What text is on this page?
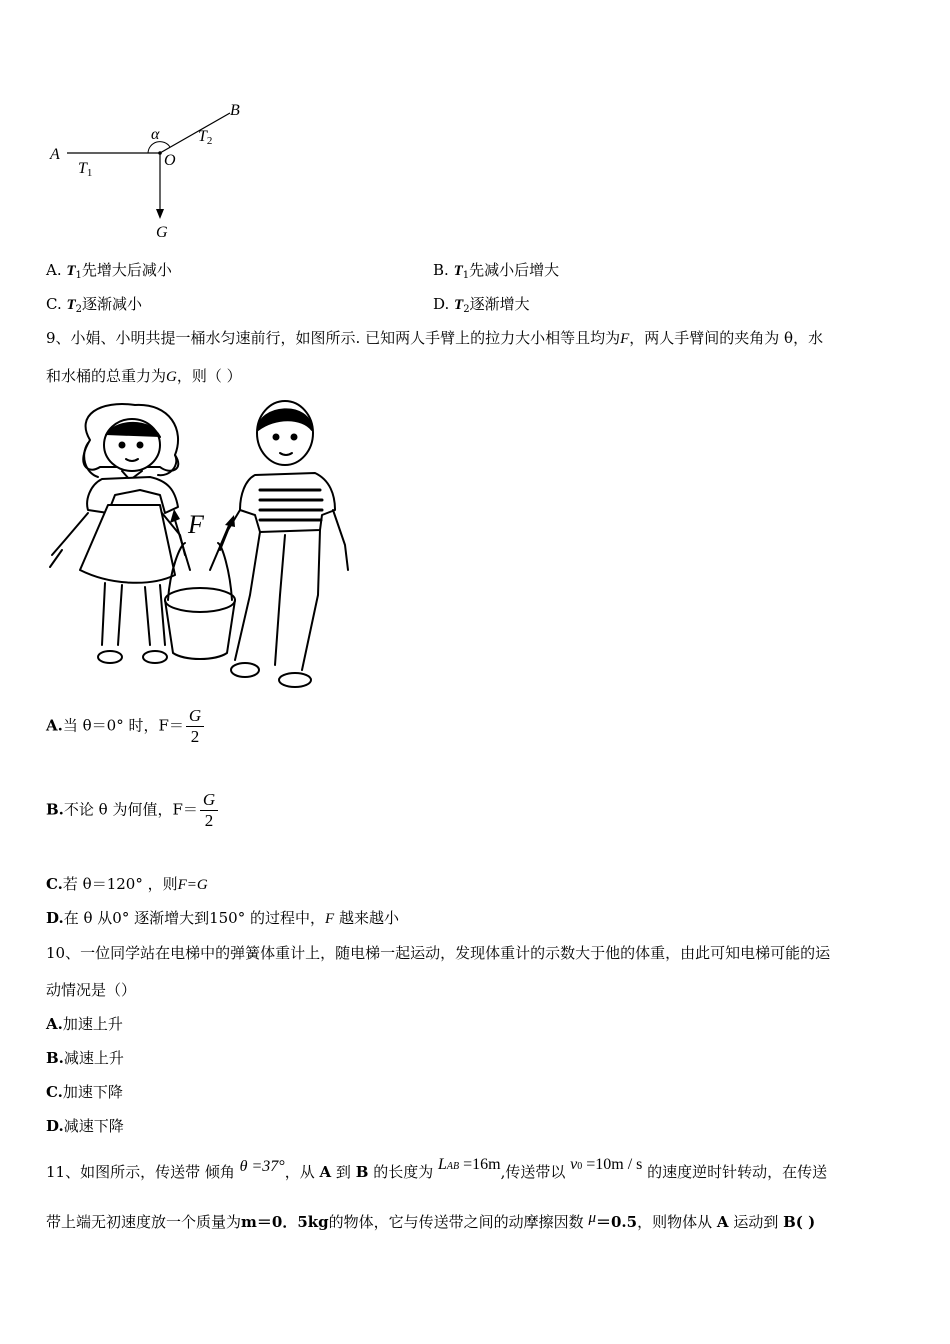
A
B
O
G
α
T1
T2
A. $T_1$先增大后减小	B. $T_1$先减小后增大
C. $T_2$逐渐减小	D. $T_2$逐渐增大
9、小娟、小明共提一桶水匀速前行，如图所示. 已知两人手臂上的拉力大小相等且均为F，两人手臂间的夹角为 θ，水
和水桶的总重力为G，则（ ）
F
A.当 θ＝0° 时，$F= \frac{G}{2}$
B.不论 θ 为何值，$F= \frac{G}{2}$
C.若 θ＝120° ，则F=G
D.在 θ 从0° 逐渐增大到150° 的过程中，F 越来越小
10、一位同学站在电梯中的弹簧体重计上，随电梯一起运动，发现体重计的示数大于他的体重，由此可知电梯可能的运
动情况是（）
A.加速上升
B.减速上升
C.加速下降
D.减速下降
11、如图所示，传送带 倾角 θ =37°，从 A 到 B 的长度为 LAB =16m,传送带以 v0 =10m / s 的速度逆时针转动，在传送
带上端无初速度放一个质量为m＝0．5kg的物体，它与传送带之间的动摩擦因数 μ＝0.5，则物体从 A 运动到 B( )
